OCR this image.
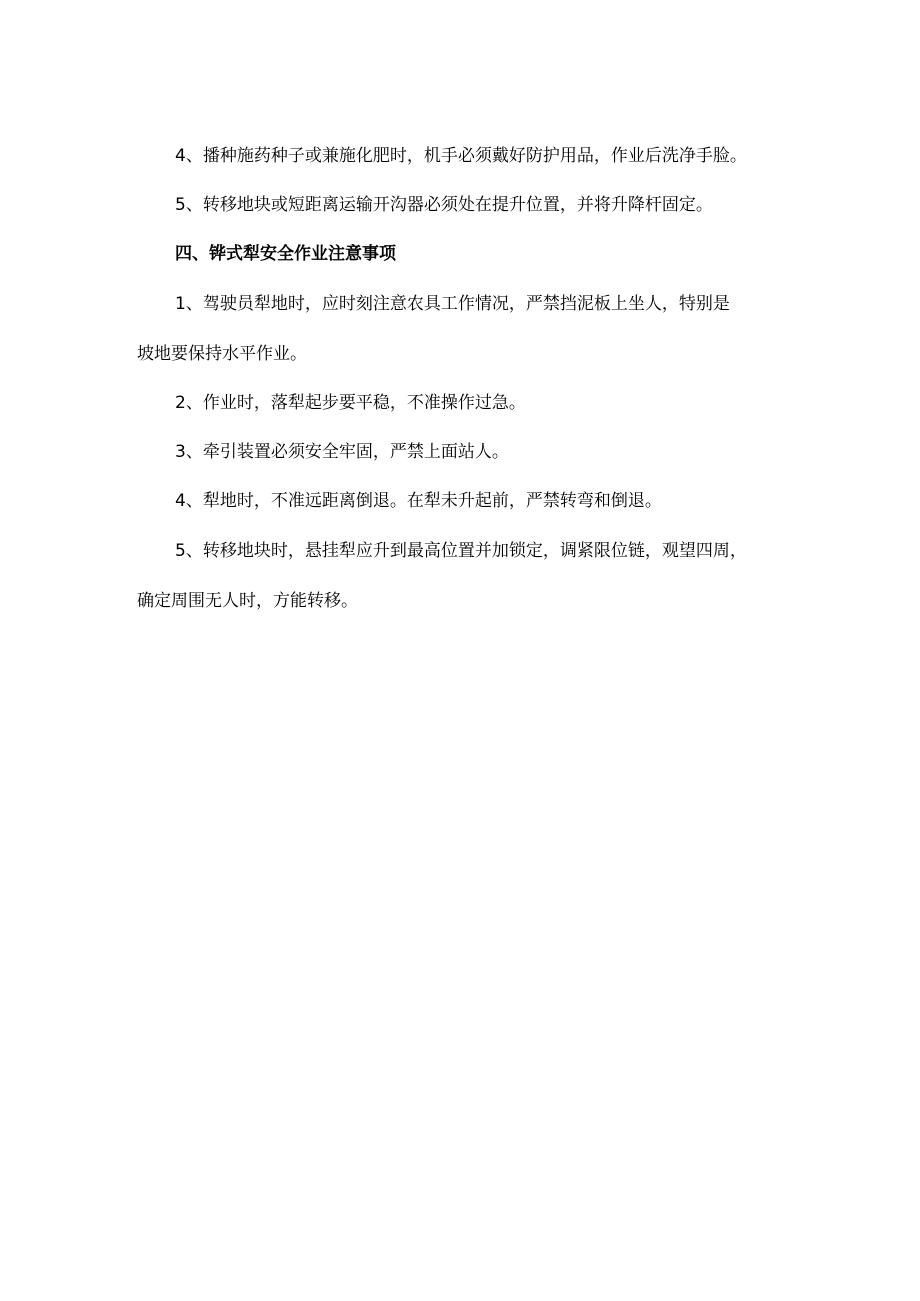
4、播种施药种子或兼施化肥时，机手必须戴好防护用品，作业后洗净手脸。
5、转移地块或短距离运输开沟器必须处在提升位置，并将升降杆固定。
四、铧式犁安全作业注意事项
1、驾驶员犁地时，应时刻注意农具工作情况，严禁挡泥板上坐人，特别是
坡地要保持水平作业。
2、作业时，落犁起步要平稳，不准操作过急。
3、牵引装置必须安全牢固，严禁上面站人。
4、犁地时，不准远距离倒退。在犁未升起前，严禁转弯和倒退。
5、转移地块时，悬挂犁应升到最高位置并加锁定，调紧限位链，观望四周，
确定周围无人时，方能转移。
